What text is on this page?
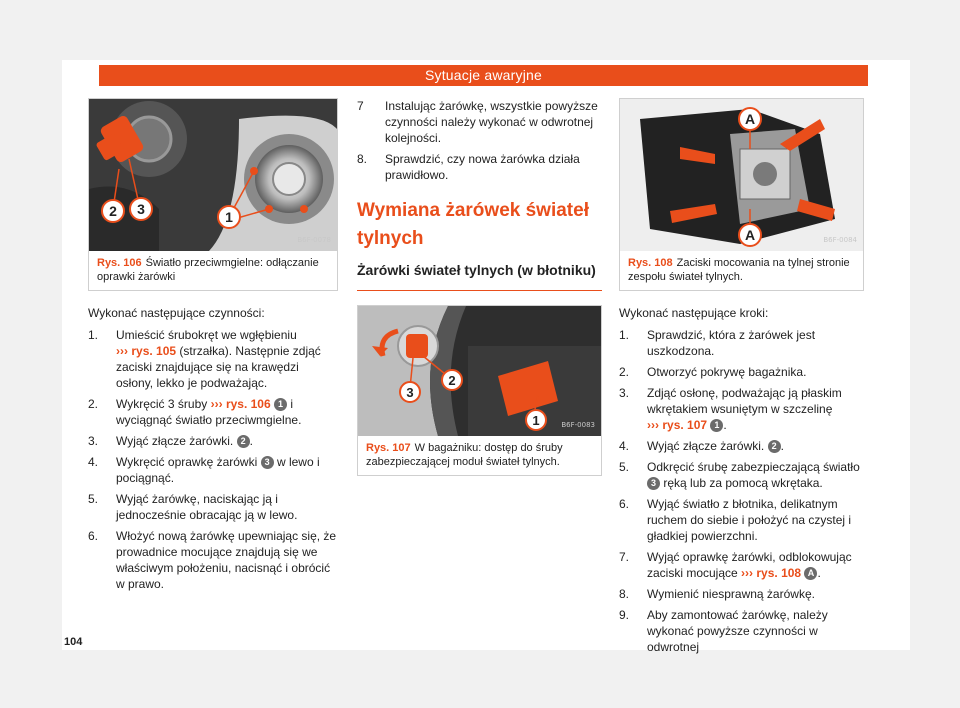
Sytuacje awaryjne
1
2 3
B6F-0078
Rys. 106 Światło przeciwmgielne: odłączanie oprawki żarówki
Wykonać następujące czynności:
1. Umieścić śrubokręt we wgłębieniu
››› rys. 105 (strzałka). Następnie zdjąć zaciski znajdujące się na krawędzi osłony, lekko je podważając.
2. Wykręcić 3 śruby ››› rys. 106 1 i wyciągnąć światło przeciwmgielne.
3. Wyjąć złącze żarówki. 2 .
4. Wykręcić oprawkę żarówki 3 w lewo i pociągnąć.
5. Wyjąć żarówkę, naciskając ją i jednocześnie obracając ją w lewo.
6. Włożyć nową żarówkę upewniając się, że prowadnice mocujące znajdują się we właściwym położeniu, nacisnąć i obrócić w prawo.
7 Instalując żarówkę, wszystkie powyższe czynności należy wykonać w odwrotnej kolejności.
8. Sprawdzić, czy nowa żarówka działa prawidłowo.
Wymiana żarówek świateł tylnych
Żarówki świateł tylnych (w błotniku)
1
2
3
B6F-0083
Rys. 107 W bagażniku: dostęp do śruby zabezpieczającej moduł świateł tylnych.
A
A	B6F-0084
Rys. 108 Zaciski mocowania na tylnej stronie zespołu świateł tylnych.
Wykonać następujące kroki:
1. Sprawdzić, która z żarówek jest uszkodzona.
2. Otworzyć pokrywę bagażnika.
3. Zdjąć osłonę, podważając ją płaskim wkrętakiem wsuniętym w szczelinę
››› rys. 107 1 .
4. Wyjąć złącze żarówki. 2 .
5. Odkręcić śrubę zabezpieczającą światło
3 ręką lub za pomocą wkrętaka.
6. Wyjąć światło z błotnika, delikatnym ruchem do siebie i położyć na czystej i gładkiej powierzchni.
7. Wyjąć oprawkę żarówki, odblokowując zaciski mocujące ››› rys. 108 A .
8. Wymienić niesprawną żarówkę.
9. Aby zamontować żarówkę, należy wykonać powyższe czynności w odwrotnej
104
